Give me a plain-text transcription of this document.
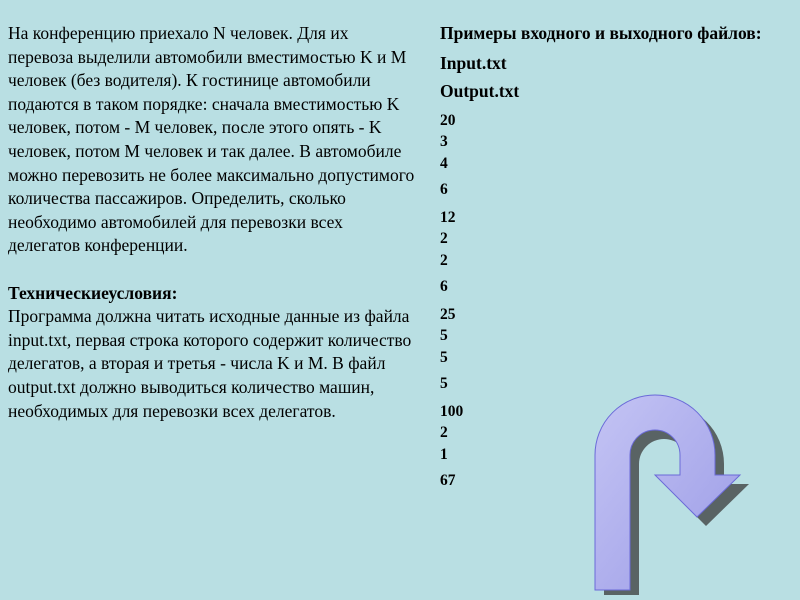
На конференцию приехало N человек. Для их перевоза выделили автомобили вместимостью K и M человек (без водителя). К гостинице автомобили подаются в таком порядке: сначала вместимостью K человек, потом - M человек, после этого опять - K человек, потом M человек и так далее. В автомобиле можно перевозить не более максимально допустимого количества пассажиров. Определить, сколько необходимо автомобилей для перевозки всех делегатов конференции.

Техническиеусловия:

Программа должна читать исходные данные из файла input.txt, первая строка которого содержит количество делегатов, а вторая и третья - числа K и M. В файл output.txt должно выводиться количество машин, необходимых для перевозки всех делегатов.

Примеры входного и выходного файлов:

Input.txt

Output.txt

20
3
4
6
12
2
2
6
25
5
5
5
100
2
1
67
